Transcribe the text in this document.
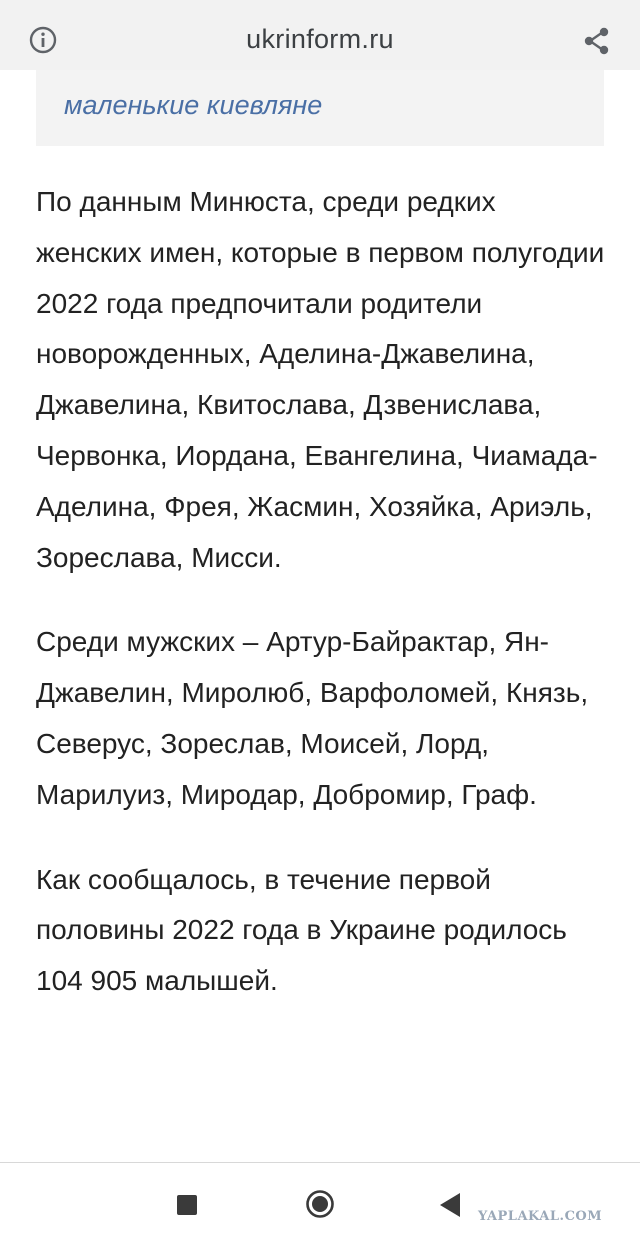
ukrinform.ru
маленькие киевляне

По данным Минюста, среди редких женских имен, которые в первом полугодии 2022 года предпочитали родители новорожденных, Аделина-Джавелина, Джавелина, Квитослава, Дзвенислава, Червонка, Иордана, Евангелина, Чиамада-Аделина, Фрея, Жасмин, Хозяйка, Ариэль, Зореслава, Мисси.

Среди мужских – Артур-Байрактар, Ян-Джавелин, Миролюб, Варфоломей, Князь, Северус, Зореслав, Моисей, Лорд, Марилуиз, Миродар, Добромир, Граф.

Как сообщалось, в течение первой половины 2022 года в Украине родилось 104 905 малышей.

YAPLAKAL.COM
